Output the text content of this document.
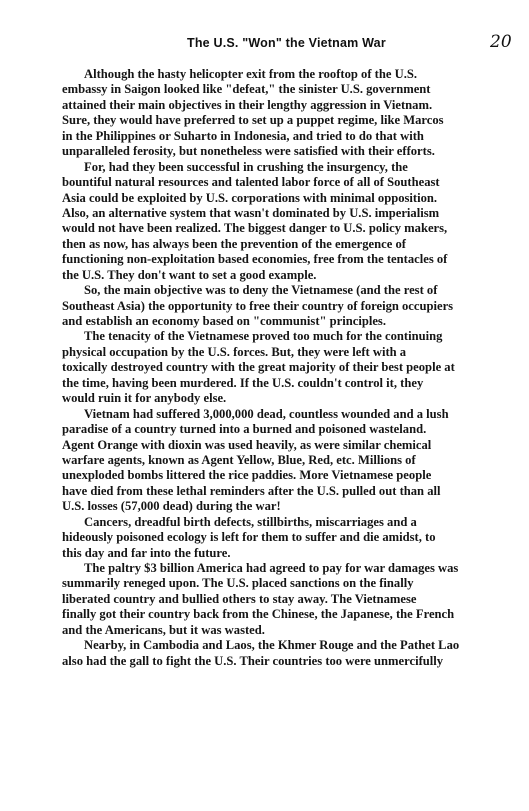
The U.S. "Won" the Vietnam War	20
Although the hasty helicopter exit from the rooftop of the U.S.
embassy in Saigon looked like "defeat," the sinister U.S. government
attained their main objectives in their lengthy aggression in Vietnam.
Sure, they would have preferred to set up a puppet regime, like Marcos
in the Philippines or Suharto in Indonesia, and tried to do that with
unparalleled ferosity, but nonetheless were satisfied with their efforts.
For, had they been successful in crushing the insurgency, the
bountiful natural resources and talented labor force of all of Southeast
Asia could be exploited by U.S. corporations with minimal opposition.
Also, an alternative system that wasn't dominated by U.S. imperialism
would not have been realized. The biggest danger to U.S. policy makers,
then as now, has always been the prevention of the emergence of
functioning non-exploitation based economies, free from the tentacles of
the U.S. They don't want to set a good example.
So, the main objective was to deny the Vietnamese (and the rest of
Southeast Asia) the opportunity to free their country of foreign occupiers
and establish an economy based on "communist" principles.
The tenacity of the Vietnamese proved too much for the continuing
physical occupation by the U.S. forces. But, they were left with a
toxically destroyed country with the great majority of their best people at
the time, having been murdered. If the U.S. couldn't control it, they
would ruin it for anybody else.
Vietnam had suffered 3,000,000 dead, countless wounded and a lush
paradise of a country turned into a burned and poisoned wasteland.
Agent Orange with dioxin was used heavily, as were similar chemical
warfare agents, known as Agent Yellow, Blue, Red, etc. Millions of
unexploded bombs littered the rice paddies. More Vietnamese people
have died from these lethal reminders after the U.S. pulled out than all
U.S. losses (57,000 dead) during the war!
Cancers, dreadful birth defects, stillbirths, miscarriages and a
hideously poisoned ecology is left for them to suffer and die amidst, to
this day and far into the future.
The paltry $3 billion America had agreed to pay for war damages was
summarily reneged upon. The U.S. placed sanctions on the finally
liberated country and bullied others to stay away. The Vietnamese
finally got their country back from the Chinese, the Japanese, the French
and the Americans, but it was wasted.
Nearby, in Cambodia and Laos, the Khmer Rouge and the Pathet Lao
also had the gall to fight the U.S. Their countries too were unmercifully
